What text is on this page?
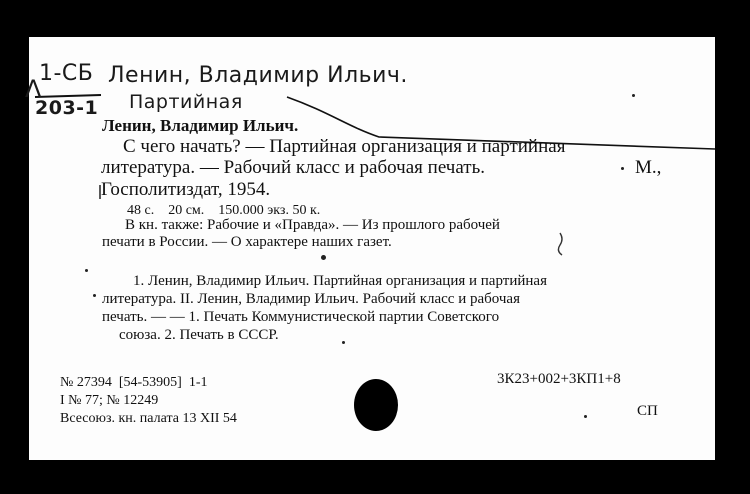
Λ
1-СБ
203-1
Ленин, Владимир Ильич.
Партийная
Ленин, Владимир Ильич.
С чего начать? — Партийная организация и партийная
литература. — Рабочий класс и рабочая печать.	М.,
Госполитиздат, 1954.
48 с.    20 см.    150.000 экз. 50 к.
В кн. также: Рабочие и «Правда». — Из прошлого рабочей
печати в России. — О характере наших газет.
1. Ленин, Владимир Ильич. Партийная организация и партийная
литература. II. Ленин, Владимир Ильич. Рабочий класс и рабочая
печать. — — 1. Печать Коммунистической партии Советского
союза. 2. Печать в СССР.
№ 27394  [54-53905]  1-1
I № 77; № 12249
Всесоюз. кн. палата 13 XII 54
3К23+002+3КП1+8
СП
